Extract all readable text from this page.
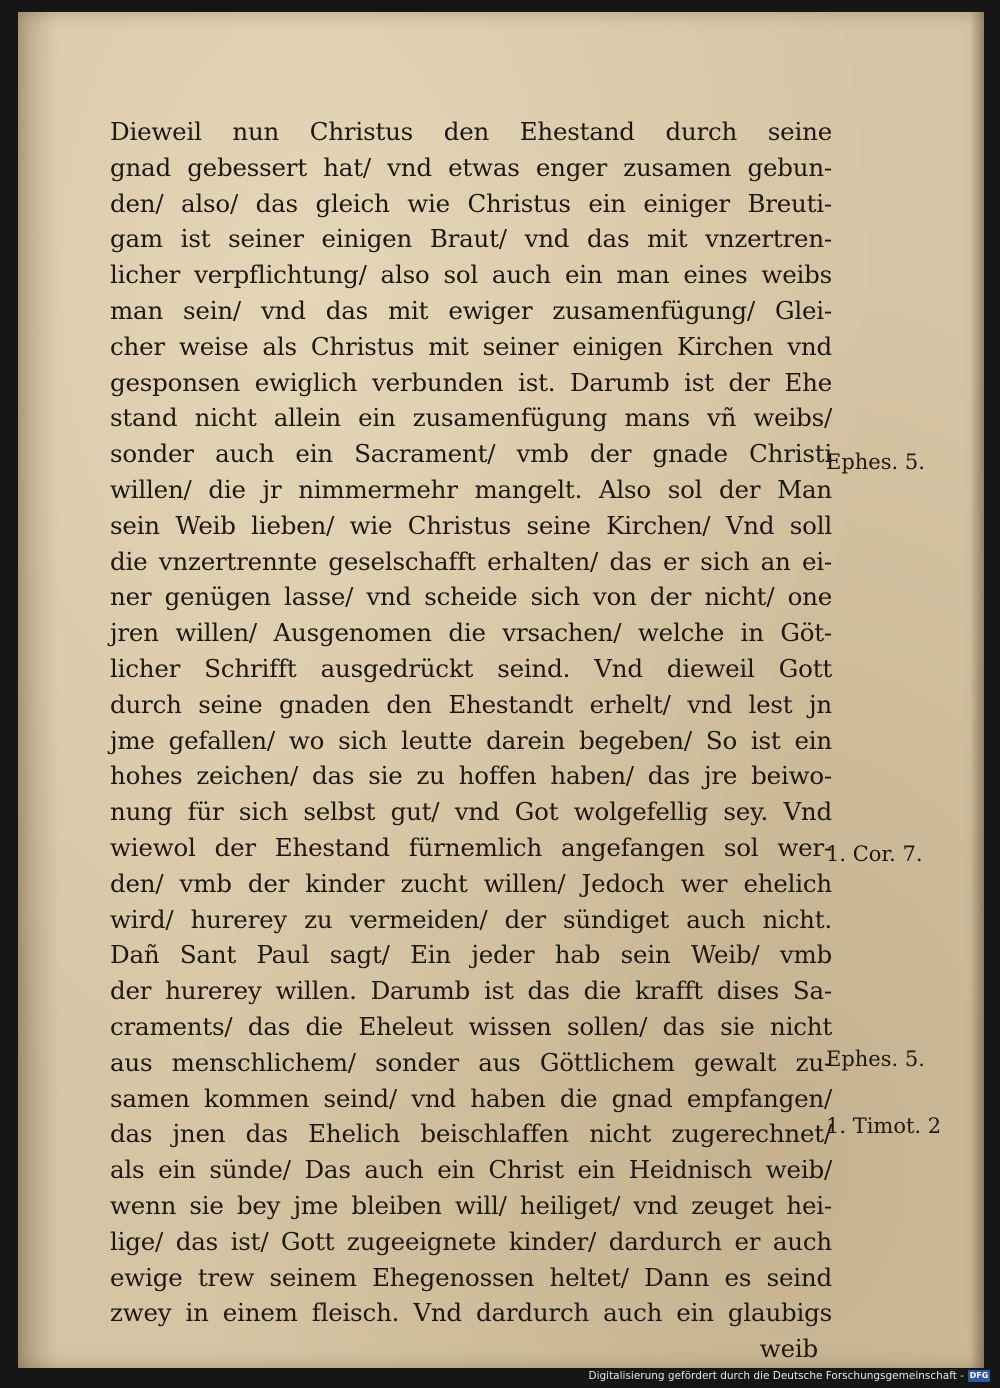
Dieweil nun Christus den Ehestand durch seine
gnad gebessert hat/ vnd etwas enger zusamen gebun-
den/ also/ das gleich wie Christus ein einiger Breuti-
gam ist seiner einigen Braut/ vnd das mit vnzertren-
licher verpflichtung/ also sol auch ein man eines weibs
man sein/ vnd das mit ewiger zusamenfügung/ Glei-
cher weise als Christus mit seiner einigen Kirchen vnd
gesponsen ewiglich verbunden ist. Darumb ist der Ehe
stand nicht allein ein zusamenfügung mans vñ weibs/
sonder auch ein Sacrament/ vmb der gnade Christi
willen/ die jr nimmermehr mangelt. Also sol der Man
sein Weib lieben/ wie Christus seine Kirchen/ Vnd soll
die vnzertrennte geselschafft erhalten/ das er sich an ei-
ner genügen lasse/ vnd scheide sich von der nicht/ one
jren willen/ Ausgenomen die vrsachen/ welche in Göt-
licher Schrifft ausgedrückt seind. Vnd dieweil Gott
durch seine gnaden den Ehestandt erhelt/ vnd lest jn
jme gefallen/ wo sich leutte darein begeben/ So ist ein
hohes zeichen/ das sie zu hoffen haben/ das jre beiwo-
nung für sich selbst gut/ vnd Got wolgefellig sey. Vnd
wiewol der Ehestand fürnemlich angefangen sol wer-
den/ vmb der kinder zucht willen/ Jedoch wer ehelich
wird/ hurerey zu vermeiden/ der sündiget auch nicht.
Dañ Sant Paul sagt/ Ein jeder hab sein Weib/ vmb
der hurerey willen. Darumb ist das die krafft dises Sa-
craments/ das die Eheleut wissen sollen/ das sie nicht
aus menschlichem/ sonder aus Göttlichem gewalt zu-
samen kommen seind/ vnd haben die gnad empfangen/
das jnen das Ehelich beischlaffen nicht zugerechnet/
als ein sünde/ Das auch ein Christ ein Heidnisch weib/
wenn sie bey jme bleiben will/ heiliget/ vnd zeuget hei-
lige/ das ist/ Gott zugeeignete kinder/ dardurch er auch
ewige trew seinem Ehegenossen heltet/ Dann es seind
zwey in einem fleisch. Vnd dardurch auch ein glaubigs
weib
Ephes. 5.
1. Cor. 7.
Ephes. 5.
1. Timot. 2
Digitalisierung gefördert durch die Deutsche Forschungsgemeinschaft - DFG
